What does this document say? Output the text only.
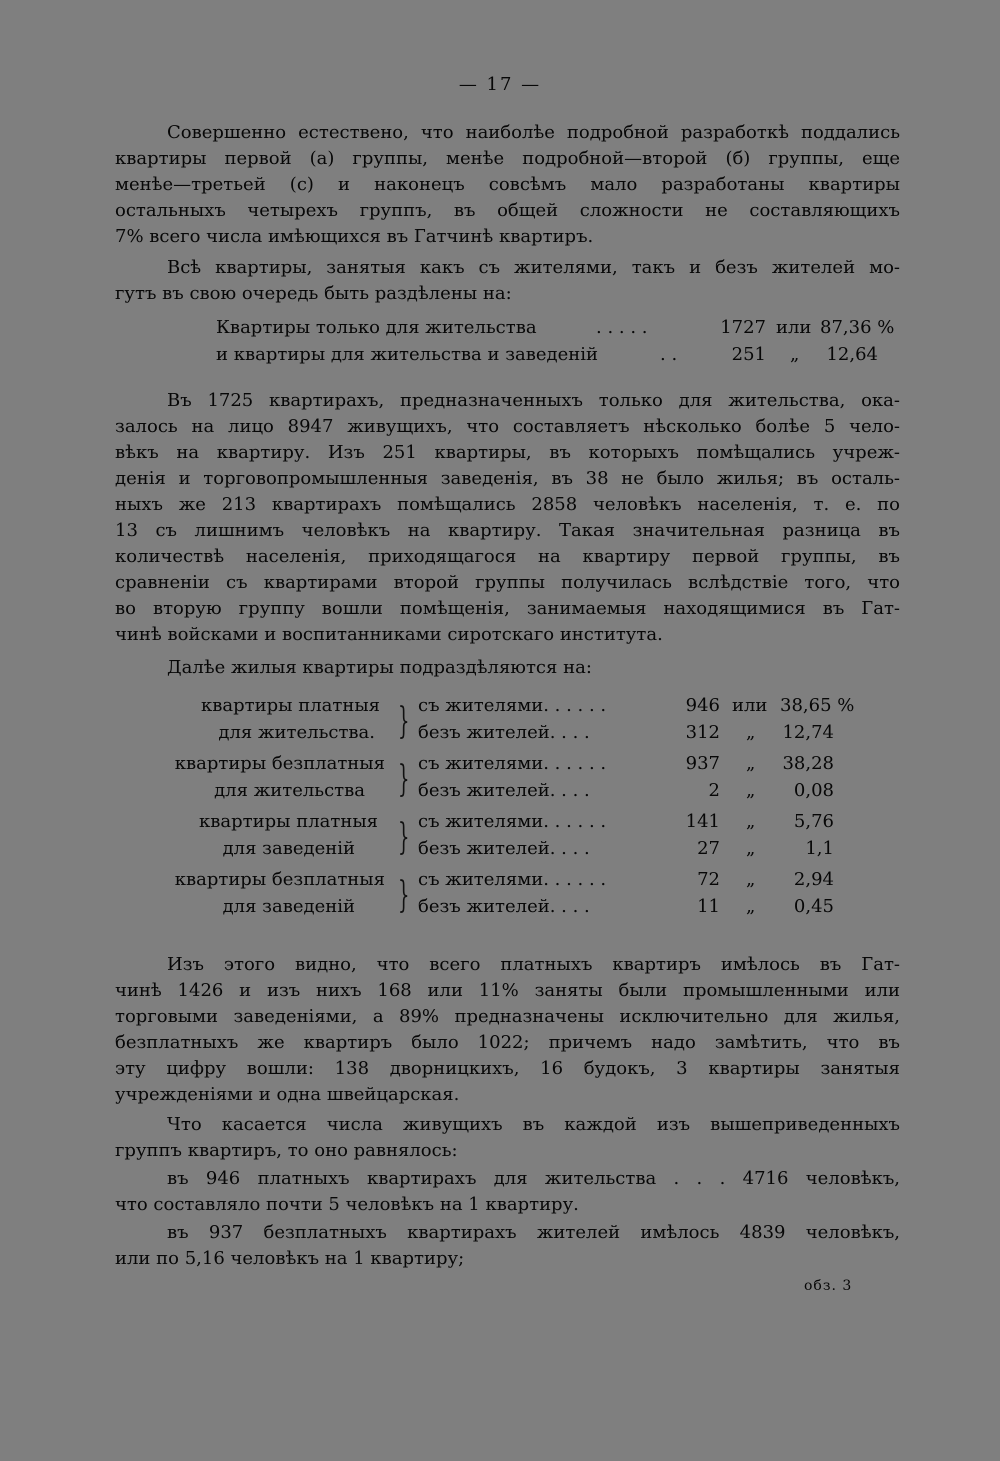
— 17 —
Совершенно естествено, что наиболѣе подробной разработкѣ поддались
квартиры первой (а) группы, менѣе подробной—второй (б) группы, еще
менѣе—третьей (с) и наконецъ совсѣмъ мало разработаны квартиры
остальныхъ четырехъ группъ, въ общей сложности не составляющихъ
7% всего числа имѣющихся въ Гатчинѣ квартиръ.
Всѣ квартиры, занятыя какъ съ жителями, такъ и безъ жителей мо-
гутъ въ свою очередь быть раздѣлены на:
Квартиры только для жительства	. . . . .	1727 или 87,36 %
и квартиры для жительства и заведеній	. .	251 „	12,64
Въ 1725 квартирахъ, предназначенныхъ только для жительства, ока-
залось на лицо 8947 живущихъ, что составляетъ нѣсколько болѣе 5 чело-
вѣкъ на квартиру. Изъ 251 квартиры, въ которыхъ помѣщались учреж-
денія и торговопромышленныя заведенія, въ 38 не было жилья; въ осталь-
ныхъ же 213 квартирахъ помѣщались 2858 человѣкъ населенія, т. е. по
13 съ лишнимъ человѣкъ на квартиру. Такая значительная разница въ
количествѣ населенія, приходящагося на квартиру первой группы, въ
сравненіи съ квартирами второй группы получилась вслѣдствіе того, что
во вторую группу вошли помѣщенія, занимаемыя находящимися въ Гат-
чинѣ войсками и воспитанниками сиротскаго института.
Далѣе жилыя квартиры подраздѣляются на:
квартиры платныя
для жительства. } съ жителями. . . . . .	946 или 38,65 %
безъ жителей. . . .	312 „	12,74
квартиры безплатныя
для жительства } съ жителями. . . . . .	937 „	38,28
безъ жителей. . . .	2 „	0,08
квартиры платныя
для заведеній } съ жителями. . . . . .	141 „	5,76
безъ жителей. . . .	27 „	1,1
квартиры безплатныя
для заведеній } съ жителями. . . . . .	72 „	2,94
безъ жителей. . . .	11 „	0,45
Изъ этого видно, что всего платныхъ квартиръ имѣлось въ Гат-
чинѣ 1426 и изъ нихъ 168 или 11% заняты были промышленными или
торговыми заведеніями, а 89% предназначены исключительно для жилья,
безплатныхъ же квартиръ было 1022; причемъ надо замѣтить, что въ
эту цифру вошли: 138 дворницкихъ, 16 будокъ, 3 квартиры занятыя
учрежденіями и одна швейцарская.
Что касается числа живущихъ въ каждой изъ вышеприведенныхъ
группъ квартиръ, то оно равнялось:
въ 946 платныхъ квартирахъ для жительства . . . 4716 человѣкъ,
что составляло почти 5 человѣкъ на 1 квартиру.
въ 937 безплатныхъ квартирахъ жителей имѣлось 4839 человѣкъ,
или по 5,16 человѣкъ на 1 квартиру;
обз. 3
